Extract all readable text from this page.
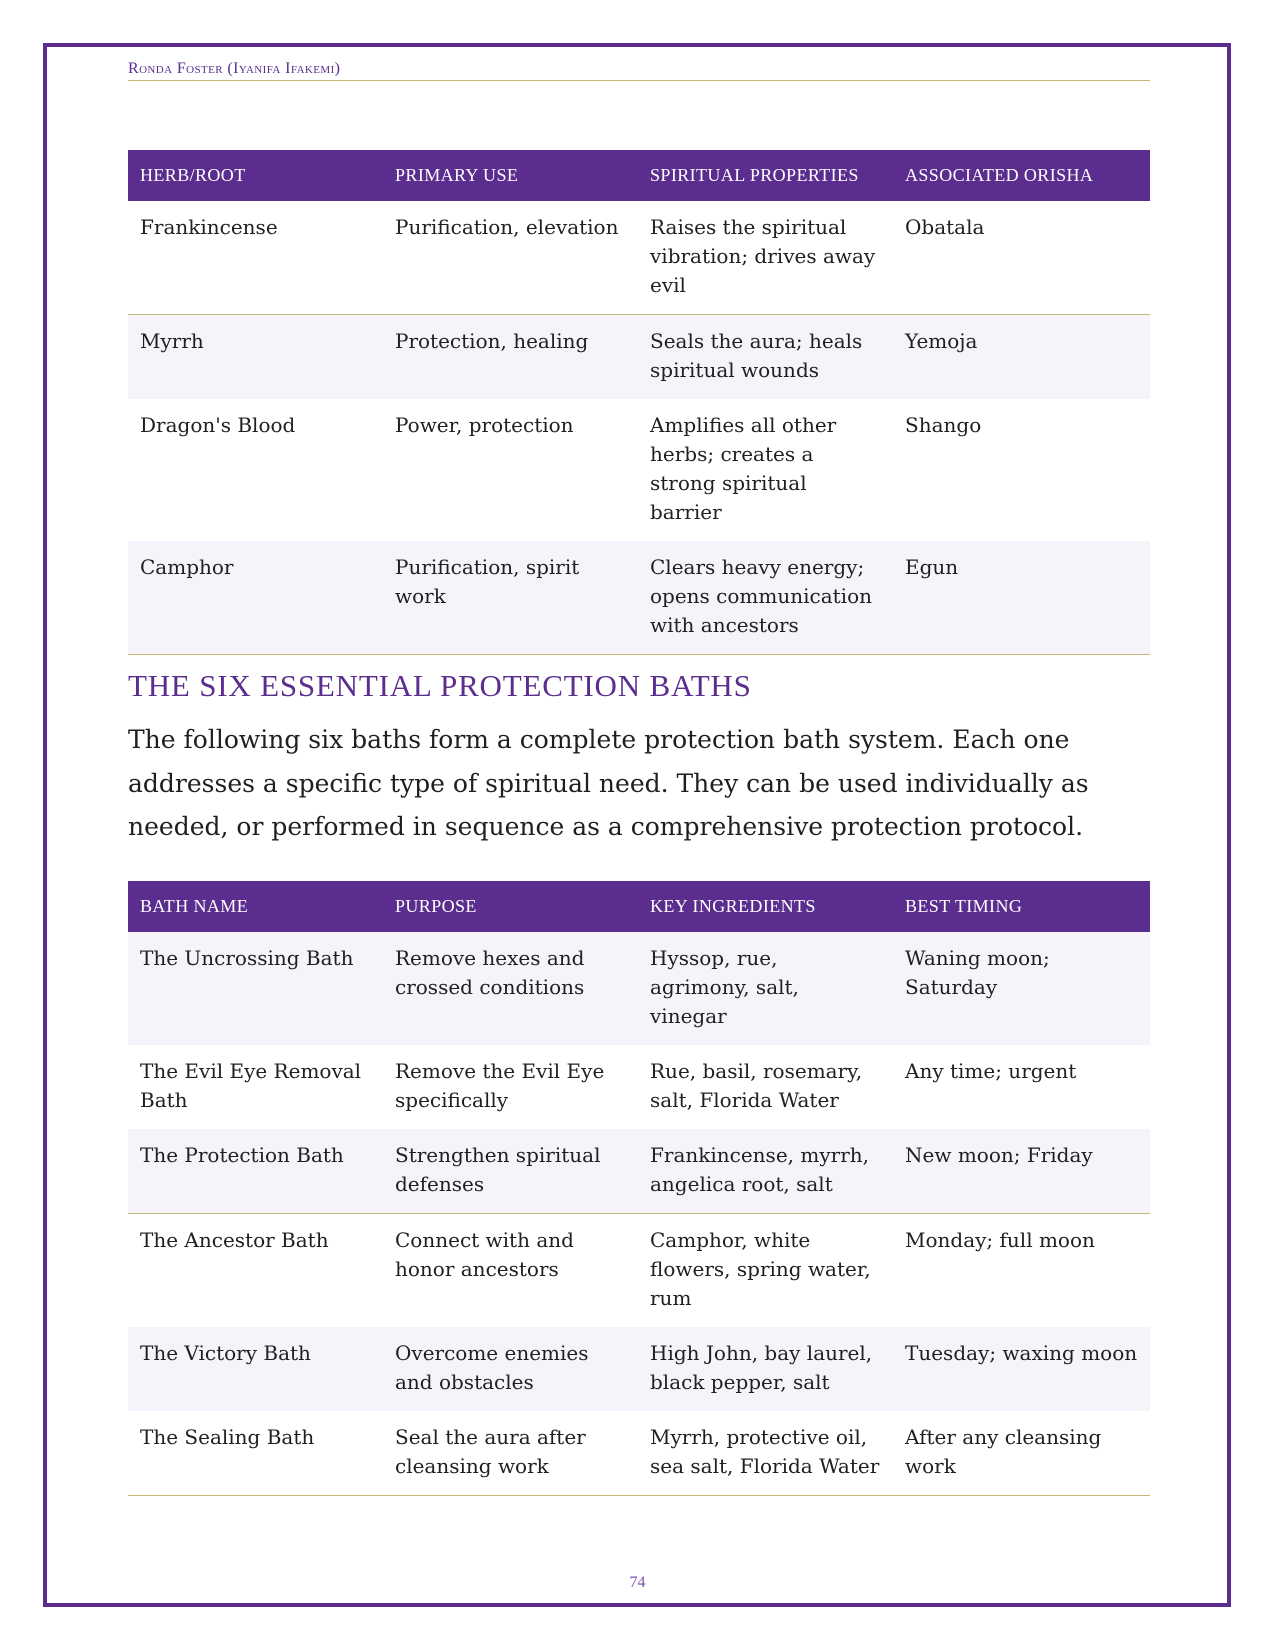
Ronda Foster (Iyanifa Ifakemi)
HERB/ROOT	PRIMARY USE	SPIRITUAL PROPERTIES	ASSOCIATED ORISHA
Frankincense	Purification, elevation	Raises the spiritual vibration; drives away evil	Obatala
Myrrh	Protection, healing	Seals the aura; heals spiritual wounds	Yemoja
Dragon's Blood	Power, protection	Amplifies all other herbs; creates a strong spiritual barrier	Shango
Camphor	Purification, spirit work	Clears heavy energy; opens communication with ancestors	Egun
THE SIX ESSENTIAL PROTECTION BATHS

The following six baths form a complete protection bath system. Each one addresses a specific type of spiritual need. They can be used individually as needed, or performed in sequence as a comprehensive protection protocol.

BATH NAME	PURPOSE	KEY INGREDIENTS	BEST TIMING
The Uncrossing Bath	Remove hexes and crossed conditions	Hyssop, rue, agrimony, salt, vinegar	Waning moon; Saturday
The Evil Eye Removal Bath	Remove the Evil Eye specifically	Rue, basil, rosemary, salt, Florida Water	Any time; urgent
The Protection Bath	Strengthen spiritual defenses	Frankincense, myrrh, angelica root, salt	New moon; Friday
The Ancestor Bath	Connect with and honor ancestors	Camphor, white flowers, spring water, rum	Monday; full moon
The Victory Bath	Overcome enemies and obstacles	High John, bay laurel, black pepper, salt	Tuesday; waxing moon
The Sealing Bath	Seal the aura after cleansing work	Myrrh, protective oil, sea salt, Florida Water	After any cleansing work
74
